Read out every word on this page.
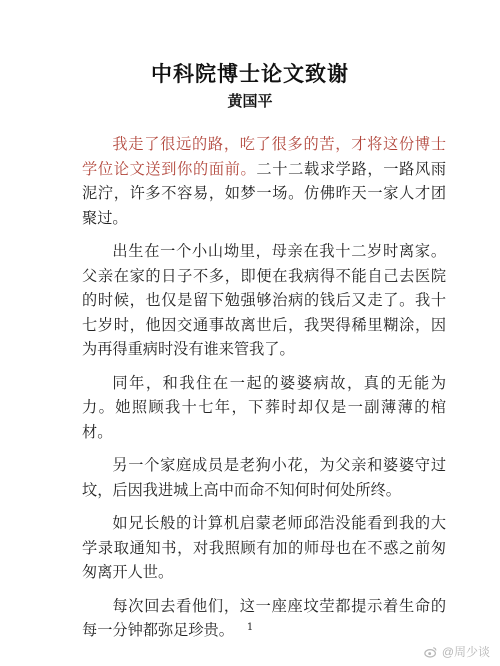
中科院博士论文致谢
黄国平

我走了很远的路，吃了很多的苦，才将这份博士学位论文送到你的面前。二十二载求学路，一路风雨泥泞，许多不容易，如梦一场。仿佛昨天一家人才团聚过。

出生在一个小山坳里，母亲在我十二岁时离家。父亲在家的日子不多，即便在我病得不能自己去医院的时候，也仅是留下勉强够治病的钱后又走了。我十七岁时，他因交通事故离世后，我哭得稀里糊涂，因为再得重病时没有谁来管我了。

同年，和我住在一起的婆婆病故，真的无能为力。她照顾我十七年，下葬时却仅是一副薄薄的棺材。

另一个家庭成员是老狗小花，为父亲和婆婆守过坟，后因我进城上高中而命不知何时何处所终。

如兄长般的计算机启蒙老师邱浩没能看到我的大学录取通知书，对我照顾有加的师母也在不惑之前匆匆离开人世。

每次回去看他们，这一座座坟茔都提示着生命的每一分钟都弥足珍贵。	1
@周少谈
